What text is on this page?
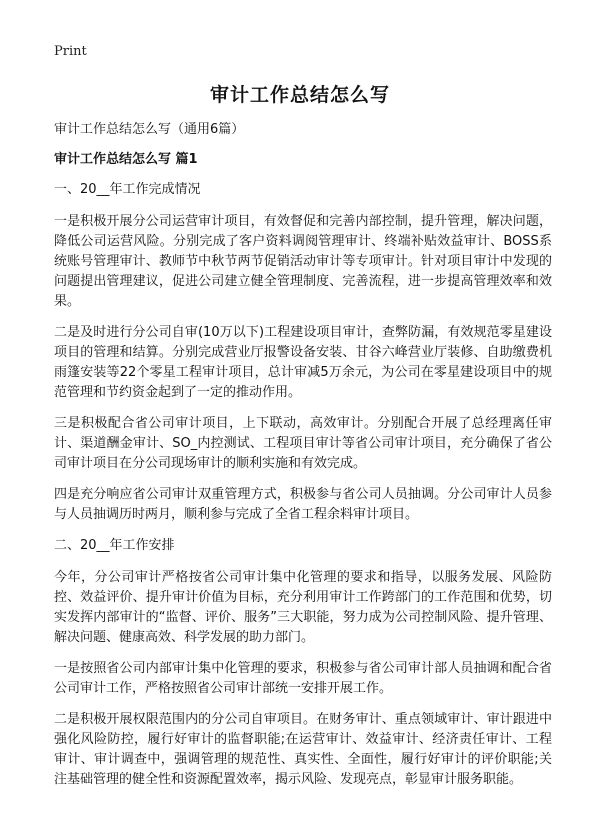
Print
审计工作总结怎么写

审计工作总结怎么写（通用6篇）

审计工作总结怎么写 篇1

一、20__年工作完成情况

一是积极开展分公司运营审计项目，有效督促和完善内部控制，提升管理，解决问题，降低公司运营风险。分别完成了客户资料调阅管理审计、终端补贴效益审计、BOSS系统账号管理审计、教师节中秋节两节促销活动审计等专项审计。针对项目审计中发现的问题提出管理建议，促进公司建立健全管理制度、完善流程，进一步提高管理效率和效果。

二是及时进行分公司自审(10万以下)工程建设项目审计，查弊防漏，有效规范零星建设项目的管理和结算。分别完成营业厅报警设备安装、甘谷六峰营业厅装修、自助缴费机雨篷安装等22个零星工程审计项目，总计审减5万余元，为公司在零星建设项目中的规范管理和节约资金起到了一定的推动作用。

三是积极配合省公司审计项目，上下联动，高效审计。分别配合开展了总经理离任审计、渠道酬金审计、SO_内控测试、工程项目审计等省公司审计项目，充分确保了省公司审计项目在分公司现场审计的顺利实施和有效完成。

四是充分响应省公司审计双重管理方式，积极参与省公司人员抽调。分公司审计人员参与人员抽调历时两月，顺利参与完成了全省工程余料审计项目。

二、20__年工作安排

今年，分公司审计严格按省公司审计集中化管理的要求和指导，以服务发展、风险防控、效益评价、提升审计价值为目标，充分利用审计工作跨部门的工作范围和优势，切实发挥内部审计的“监督、评价、服务”三大职能，努力成为公司控制风险、提升管理、解决问题、健康高效、科学发展的助力部门。

一是按照省公司内部审计集中化管理的要求，积极参与省公司审计部人员抽调和配合省公司审计工作，严格按照省公司审计部统一安排开展工作。

二是积极开展权限范围内的分公司自审项目。在财务审计、重点领域审计、审计跟进中强化风险防控，履行好审计的监督职能;在运营审计、效益审计、经济责任审计、工程审计、审计调查中，强调管理的规范性、真实性、全面性，履行好审计的评价职能;关注基础管理的健全性和资源配置效率，揭示风险、发现亮点，彰显审计服务职能。
